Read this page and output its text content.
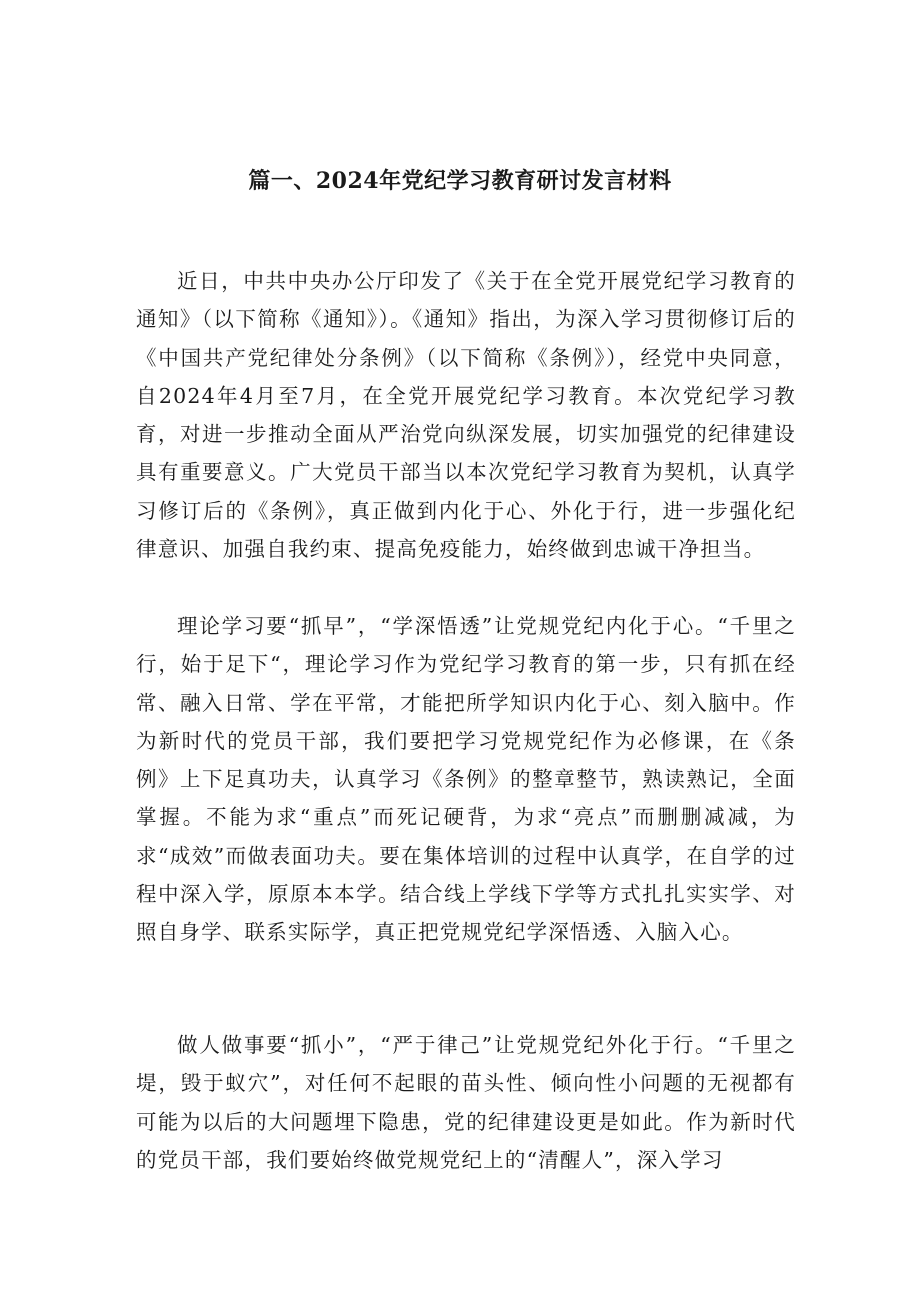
篇一、2024年党纪学习教育研讨发言材料

近日，中共中央办公厅印发了《关于在全党开展党纪学习教育的通知》（以下简称《通知》）。《通知》指出，为深入学习贯彻修订后的《中国共产党纪律处分条例》（以下简称《条例》），经党中央同意，自2024年4月至7月，在全党开展党纪学习教育。本次党纪学习教育，对进一步推动全面从严治党向纵深发展，切实加强党的纪律建设具有重要意义。广大党员干部当以本次党纪学习教育为契机，认真学习修订后的《条例》，真正做到内化于心、外化于行，进一步强化纪律意识、加强自我约束、提高免疫能力，始终做到忠诚干净担当。

理论学习要“抓早”，“学深悟透”让党规党纪内化于心。“千里之行，始于足下“，理论学习作为党纪学习教育的第一步，只有抓在经常、融入日常、学在平常，才能把所学知识内化于心、刻入脑中。作为新时代的党员干部，我们要把学习党规党纪作为必修课，在《条例》上下足真功夫，认真学习《条例》的整章整节，熟读熟记，全面掌握。不能为求“重点”而死记硬背，为求“亮点”而删删减减，为求“成效”而做表面功夫。要在集体培训的过程中认真学，在自学的过程中深入学，原原本本学。结合线上学线下学等方式扎扎实实学、对照自身学、联系实际学，真正把党规党纪学深悟透、入脑入心。

做人做事要“抓小”，“严于律己”让党规党纪外化于行。“千里之堤，毁于蚁穴”，对任何不起眼的苗头性、倾向性小问题的无视都有可能为以后的大问题埋下隐患，党的纪律建设更是如此。作为新时代的党员干部，我们要始终做党规党纪上的“清醒人”，深入学习
